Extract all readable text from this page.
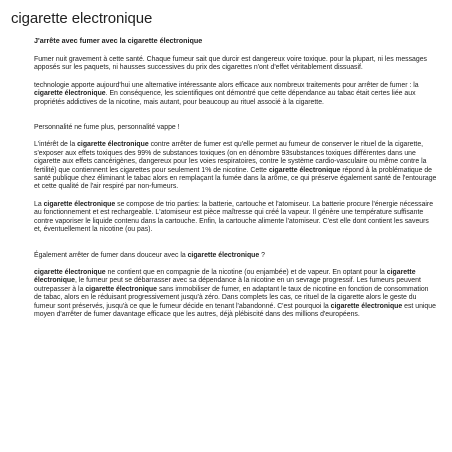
cigarette electronique
J'arrête avec fumer avec la cigarette électronique

Fumer nuit gravement à cette santé. Chaque fumeur sait que durcir est dangereux voire toxique. pour la plupart, ni les messages apposés sur les paquets, ni hausses successives du prix des cigarettes n'ont d'effet véritablement dissuasif.

technologie apporte aujourd'hui une alternative intéressante alors efficace aux nombreux traitements pour arrêter de fumer : la cigarette électronique. En conséquence, les scientifiques ont démontré que cette dépendance au tabac était certes liée aux propriétés addictives de la nicotine, mais autant, pour beaucoup au rituel associé à la cigarette.

Personnalité ne fume plus, personnalité vappe !

L'intérêt de la cigarette électronique contre arrêter de fumer est qu'elle permet au fumeur de conserver le rituel de la cigarette, s'exposer aux effets toxiques des 99% de substances toxiques (on en dénombre 93substances toxiques différentes dans une cigarette aux effets cancérigènes, dangereux pour les voies respiratoires, contre le système cardio-vasculaire ou même contre la fertilité) que contiennent les cigarettes pour seulement 1% de nicotine. Cette cigarette électronique répond à la problématique de santé publique chez éliminant le tabac alors en remplaçant la fumée dans la arôme, ce qui préserve également santé de l'entourage et cette qualité de l'air respiré par non-fumeurs.

La cigarette électronique se compose de trio parties: la batterie, cartouche et l'atomiseur. La batterie procure l'énergie nécessaire au fonctionnement et est rechargeable. L'atomiseur est pièce maîtresse qui créé la vapeur. Il génère une température suffisante contre vaporiser le liquide contenu dans la cartouche. Enfin, la cartouche alimente l'atomiseur. C'est elle dont contient les saveurs et, éventuellement la nicotine (ou pas).

Également arrêter de fumer dans douceur avec la cigarette électronique ?

cigarette électronique ne contient que en compagnie de la nicotine (ou enjambée) et de vapeur. En optant pour la cigarette électronique, le fumeur peut se débarrasser avec sa dépendance à la nicotine en un sevrage progressif. Les fumeurs peuvent outrepasser à la cigarette électronique sans immobiliser de fumer, en adaptant le taux de nicotine en fonction de consommation de tabac, alors en le réduisant progressivement jusqu'à zéro. Dans complets les cas, ce rituel de la cigarette alors le geste du fumeur sont préservés, jusqu'à ce que le fumeur décide en tenant l'abandonné. C'est pourquoi la cigarette électronique est unique moyen d'arrêter de fumer davantage efficace que les autres, déjà plébiscité dans des millions d'européens.
